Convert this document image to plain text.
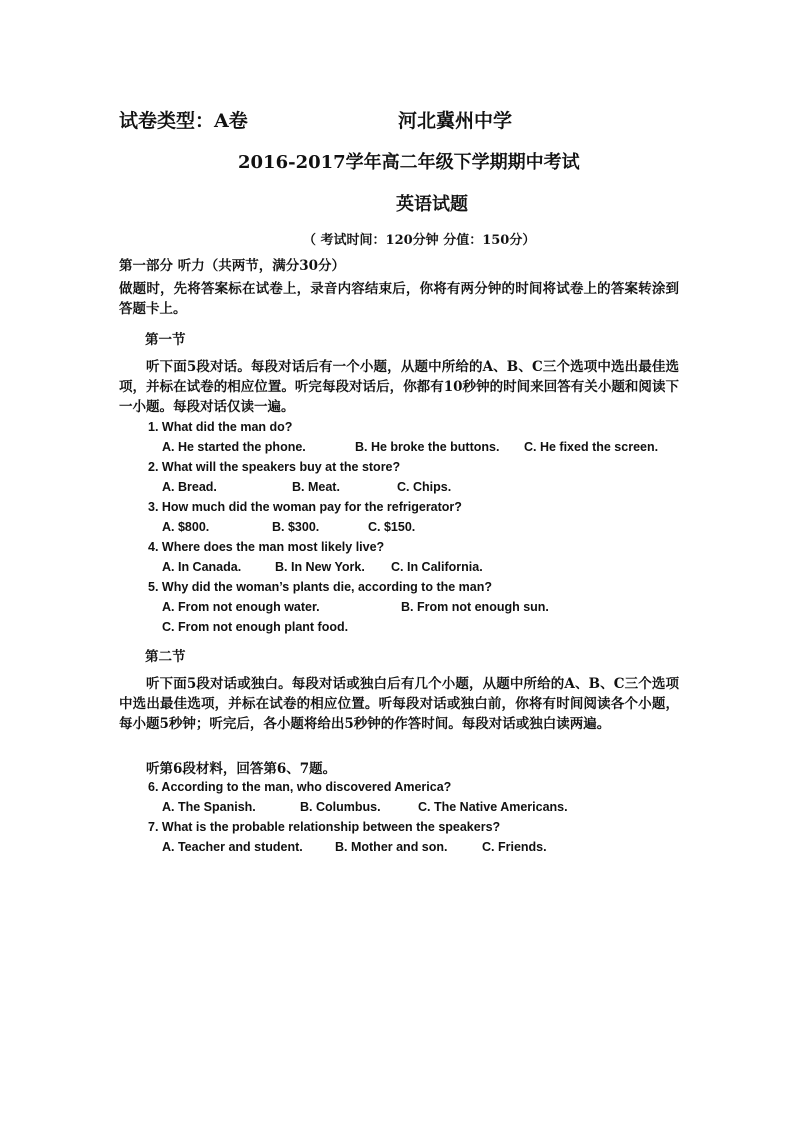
试卷类型：A卷	河北冀州中学
2016-2017学年高二年级下学期期中考试
英语试题
（ 考试时间：120分钟 分值：150分）
第一部分 听力（共两节，满分30分）
做题时，先将答案标在试卷上，录音内容结束后，你将有两分钟的时间将试卷上的答案转涂到答题卡上。
第一节
听下面5段对话。每段对话后有一个小题，从题中所给的A、B、C三个选项中选出最佳选项，并标在试卷的相应位置。听完每段对话后，你都有10秒钟的时间来回答有关小题和阅读下一小题。每段对话仅读一遍。
1. What did the man do?
A. He started the phone.	B. He broke the buttons. C. He fixed the screen.
2. What will the speakers buy at the store?
A. Bread.	B. Meat.	C. Chips.
3. How much did the woman pay for the refrigerator?
A. $800.	B. $300.	C. $150.
4. Where does the man most likely live?
A. In Canada.	B. In New York. C. In California.
5. Why did the woman’s plants die, according to the man?
A. From not enough water.	B. From not enough sun.
C. From not enough plant food.
第二节
听下面5段对话或独白。每段对话或独白后有几个小题，从题中所给的A、B、C三个选项中选出最佳选项，并标在试卷的相应位置。听每段对话或独白前，你将有时间阅读各个小题，每小题5秒钟；听完后，各小题将给出5秒钟的作答时间。每段对话或独白读两遍。
听第6段材料，回答第6、7题。
6. According to the man, who discovered America?
A. The Spanish.	B. Columbus.	C. The Native Americans.
7. What is the probable relationship between the speakers?
A. Teacher and student.	B. Mother and son.	C. Friends.
